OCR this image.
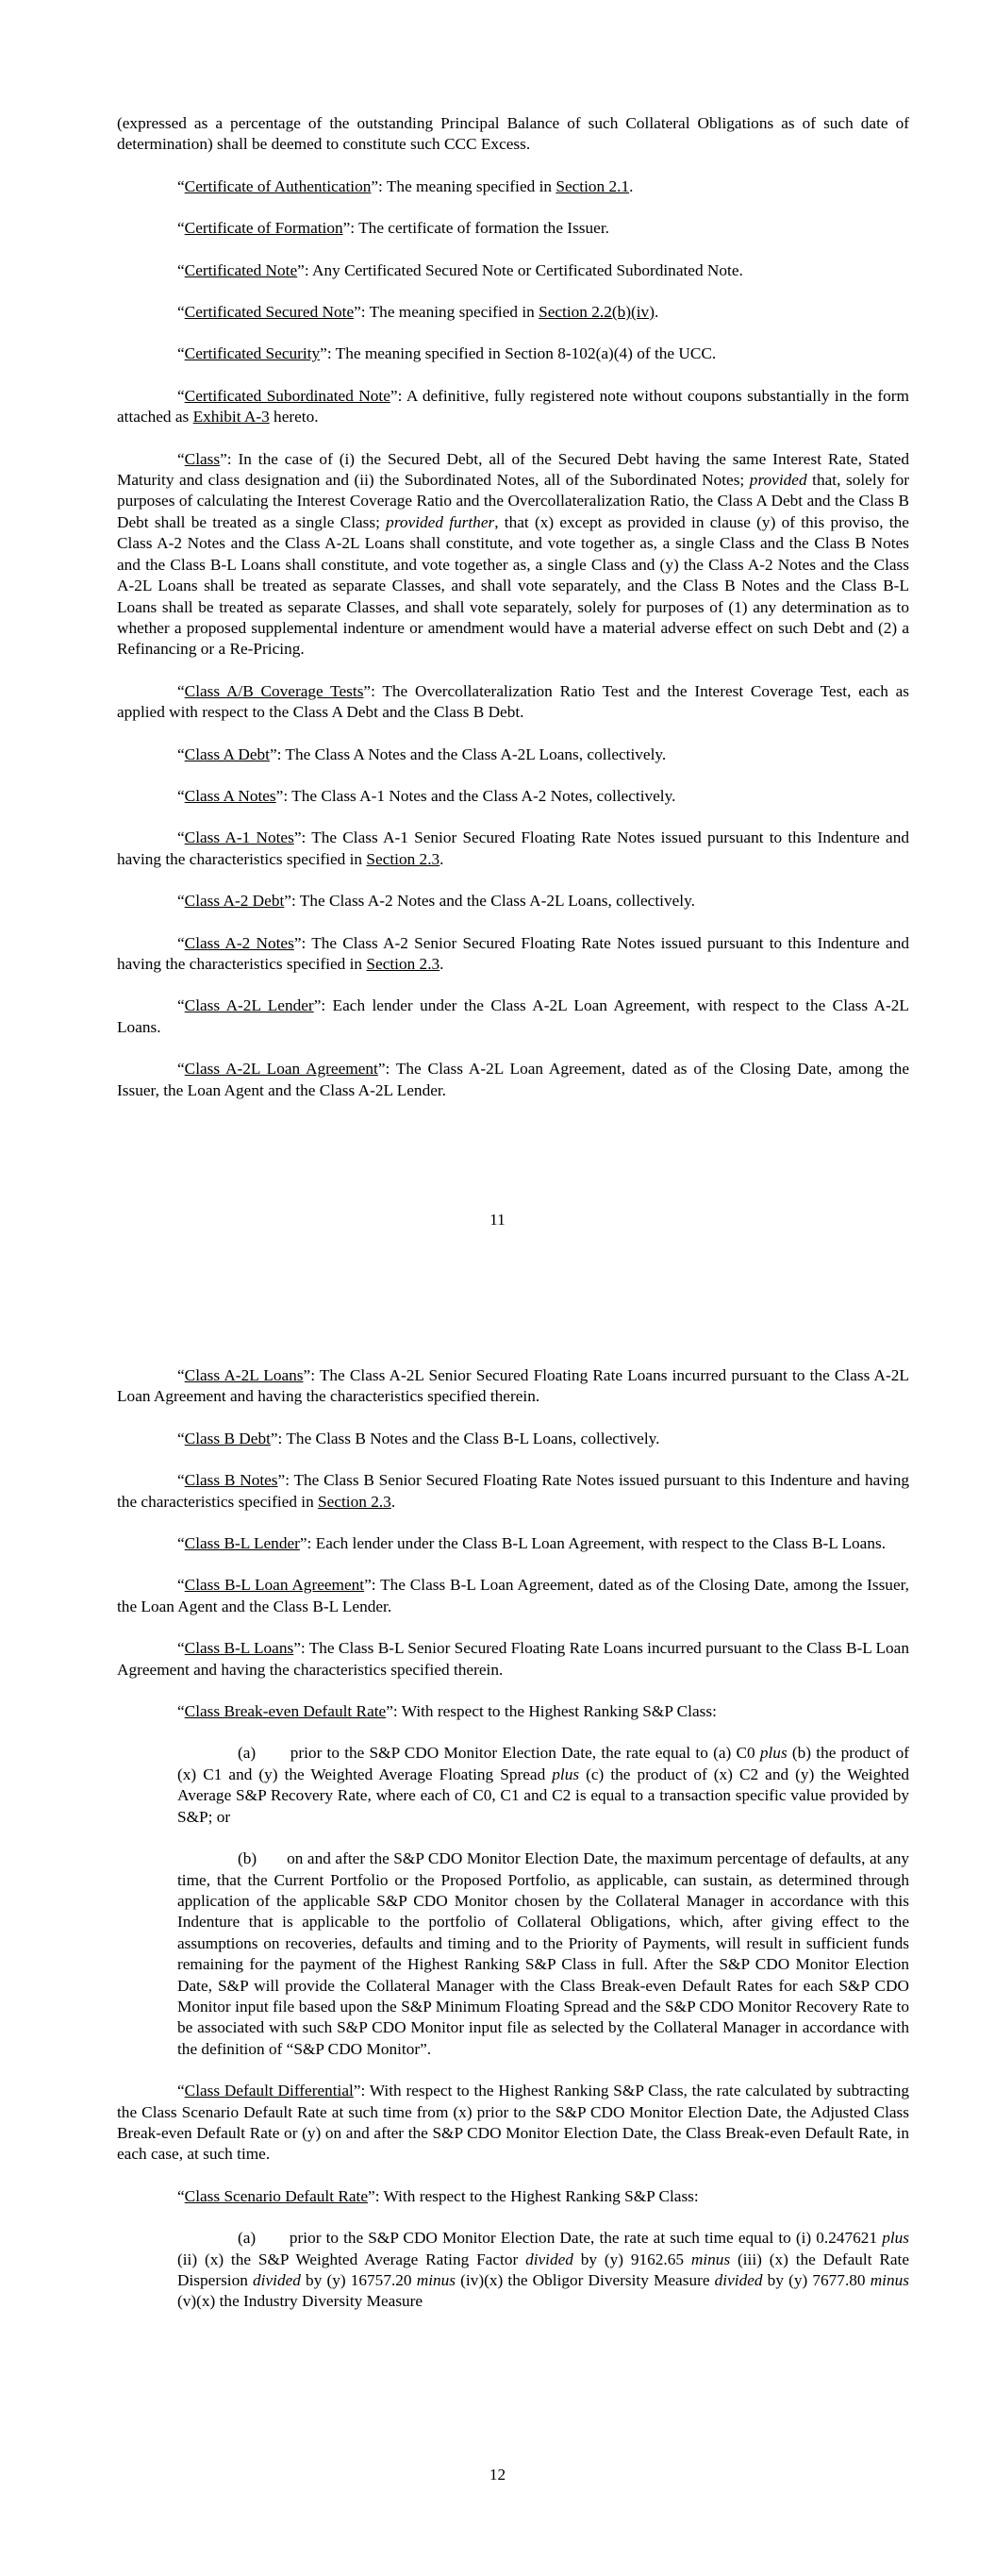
(expressed as a percentage of the outstanding Principal Balance of such Collateral Obligations as of such date of determination) shall be deemed to constitute such CCC Excess.

“Certificate of Authentication”: The meaning specified in Section 2.1.

“Certificate of Formation”: The certificate of formation the Issuer.

“Certificated Note”: Any Certificated Secured Note or Certificated Subordinated Note.

“Certificated Secured Note”: The meaning specified in Section 2.2(b)(iv).

“Certificated Security”: The meaning specified in Section 8-102(a)(4) of the UCC.

“Certificated Subordinated Note”: A definitive, fully registered note without coupons substantially in the form attached as Exhibit A-3 hereto.

“Class”: In the case of (i) the Secured Debt, all of the Secured Debt having the same Interest Rate, Stated Maturity and class designation and (ii) the Subordinated Notes, all of the Subordinated Notes; provided that, solely for purposes of calculating the Interest Coverage Ratio and the Overcollateralization Ratio, the Class A Debt and the Class B Debt shall be treated as a single Class; provided further, that (x) except as provided in clause (y) of this proviso, the Class A-2 Notes and the Class A-2L Loans shall constitute, and vote together as, a single Class and the Class B Notes and the Class B-L Loans shall constitute, and vote together as, a single Class and (y) the Class A-2 Notes and the Class A-2L Loans shall be treated as separate Classes, and shall vote separately, and the Class B Notes and the Class B-L Loans shall be treated as separate Classes, and shall vote separately, solely for purposes of (1) any determination as to whether a proposed supplemental indenture or amendment would have a material adverse effect on such Debt and (2) a Refinancing or a Re-Pricing.

“Class A/B Coverage Tests”: The Overcollateralization Ratio Test and the Interest Coverage Test, each as applied with respect to the Class A Debt and the Class B Debt.

“Class A Debt”: The Class A Notes and the Class A-2L Loans, collectively.

“Class A Notes”: The Class A-1 Notes and the Class A-2 Notes, collectively.

“Class A-1 Notes”: The Class A-1 Senior Secured Floating Rate Notes issued pursuant to this Indenture and having the characteristics specified in Section 2.3.

“Class A-2 Debt”: The Class A-2 Notes and the Class A-2L Loans, collectively.

“Class A-2 Notes”: The Class A-2 Senior Secured Floating Rate Notes issued pursuant to this Indenture and having the characteristics specified in Section 2.3.

“Class A-2L Lender”: Each lender under the Class A-2L Loan Agreement, with respect to the Class A-2L Loans.

“Class A-2L Loan Agreement”: The Class A-2L Loan Agreement, dated as of the Closing Date, among the Issuer, the Loan Agent and the Class A-2L Lender.

11

“Class A-2L Loans”: The Class A-2L Senior Secured Floating Rate Loans incurred pursuant to the Class A-2L Loan Agreement and having the characteristics specified therein.

“Class B Debt”: The Class B Notes and the Class B-L Loans, collectively.

“Class B Notes”: The Class B Senior Secured Floating Rate Notes issued pursuant to this Indenture and having the characteristics specified in Section 2.3.

“Class B-L Lender”: Each lender under the Class B-L Loan Agreement, with respect to the Class B-L Loans.

“Class B-L Loan Agreement”: The Class B-L Loan Agreement, dated as of the Closing Date, among the Issuer, the Loan Agent and the Class B-L Lender.

“Class B-L Loans”: The Class B-L Senior Secured Floating Rate Loans incurred pursuant to the Class B-L Loan Agreement and having the characteristics specified therein.

“Class Break-even Default Rate”: With respect to the Highest Ranking S&P Class:

(a) prior to the S&P CDO Monitor Election Date, the rate equal to (a) C0 plus (b) the product of (x) C1 and (y) the Weighted Average Floating Spread plus (c) the product of (x) C2 and (y) the Weighted Average S&P Recovery Rate, where each of C0, C1 and C2 is equal to a transaction specific value provided by S&P; or

(b) on and after the S&P CDO Monitor Election Date, the maximum percentage of defaults, at any time, that the Current Portfolio or the Proposed Portfolio, as applicable, can sustain, as determined through application of the applicable S&P CDO Monitor chosen by the Collateral Manager in accordance with this Indenture that is applicable to the portfolio of Collateral Obligations, which, after giving effect to the assumptions on recoveries, defaults and timing and to the Priority of Payments, will result in sufficient funds remaining for the payment of the Highest Ranking S&P Class in full. After the S&P CDO Monitor Election Date, S&P will provide the Collateral Manager with the Class Break-even Default Rates for each S&P CDO Monitor input file based upon the S&P Minimum Floating Spread and the S&P CDO Monitor Recovery Rate to be associated with such S&P CDO Monitor input file as selected by the Collateral Manager in accordance with the definition of “S&P CDO Monitor”.

“Class Default Differential”: With respect to the Highest Ranking S&P Class, the rate calculated by subtracting the Class Scenario Default Rate at such time from (x) prior to the S&P CDO Monitor Election Date, the Adjusted Class Break-even Default Rate or (y) on and after the S&P CDO Monitor Election Date, the Class Break-even Default Rate, in each case, at such time.

“Class Scenario Default Rate”: With respect to the Highest Ranking S&P Class:

(a) prior to the S&P CDO Monitor Election Date, the rate at such time equal to (i) 0.247621 plus (ii) (x) the S&P Weighted Average Rating Factor divided by (y) 9162.65 minus (iii) (x) the Default Rate Dispersion divided by (y) 16757.20 minus (iv)(x) the Obligor Diversity Measure divided by (y) 7677.80 minus (v)(x) the Industry Diversity Measure

12
